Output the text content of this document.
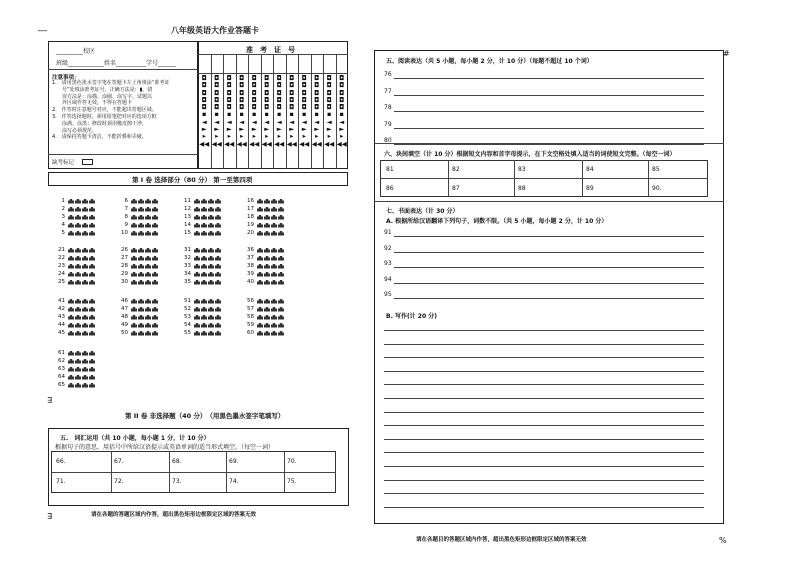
__	八年级英语大作业答题卡
_________校区
班级____________姓名__________学号______
注意事项：
1.　请用黑色墨水签字笔在答题卡左上角填涂“准考证
　　号”处填涂准考证号，正确方法是：▮，错
　　误方法是：涂描、涂圈、涂写字、试题以
　　外区域作答无效，不得在答题卡
2.　作答时注意题号对应，不能超出答题区域。
3.　作答选择题时，须用铅笔把对应的选项方框
　　涂满、涂黑；修改时须用橡皮擦干净，
　　涂写必须规范。
4.　请保持答题卡清洁，不能折叠和弄破。
缺考标记
准　考　证　号
◘
◘
◘
◘
◘
▪
◄
►
▸
◀◀
◘
◘
◘
◘
◘
▪
◄
►
▸
◀◀
◘
◘
◘
◘
◘
▪
◄
►
▸
◀◀
◘
◘
◘
◘
◘
▪
◄
►
▸
◀◀
◘
◘
◘
◘
◘
▪
◄
►
▸
◀◀
◘
◘
◘
◘
◘
▪
◄
►
▸
◀◀
◘
◘
◘
◘
◘
▪
◄
►
▸
◀◀
◘
◘
◘
◘
◘
▪
◄
►
▸
◀◀
◘
◘
◘
◘
◘
▪
◄
►
▸
◀◀
◘
◘
◘
◘
◘
▪
◄
►
▸
◀◀
◘
◘
◘
◘
◘
▪
◄
►
▸
◀◀
◘
◘
◘
◘
◘
▪
◄
►
▸
◀◀
第 I 卷 选择部分（80 分） 第一至第四项
1	6	11	16
2	7	12	17
3	8	13	18
4	9	14	19
5	10	15	20
21	26	31	36
22	27	32	37
23	28	33	38
24	29	34	39
25	30	35	40
41	46	51	56
42	47	52	57
43	48	53	58
44	49	54	59
45	50	55	60
61
62
63
64
65
∃
第 II 卷 非选择题（40 分）　（用黑色墨水签字笔填写）
五.　词汇运用（共 10 小题，每小题 1 分，计 10 分）
根据句子的意思，用括号中所给汉语提示或英语单词的适当形式填空。（每空一词）
66.	67.	68.	69.	70.
71.	72.	73.	74.	75.
请在各题的答题区域内作答，超出黑色矩形边框限定区域的答案无效
∃
#
五、阅读表达（共 5 小题，每小题 2 分，计 10 分）（每题不超过 10 个词）
76
77
78
79
80
六、块间填空（计 10 分）根据短文内容和首字母提示，在下文空格处填入适当的词使短文完整。（每空一词）
81	82	83	84	85
86	87	88	89	90.
七、书面表达（计 30 分）
A. 根据所给汉语翻译下列句子，词数不限。（共 5 小题，每小题 2 分，计 10 分）
91
92
93
94
95
B. 写作(计 20 分)
请在各题目的答题区域内作答，超出黑色矩形边框限定区域的答案无效	%
